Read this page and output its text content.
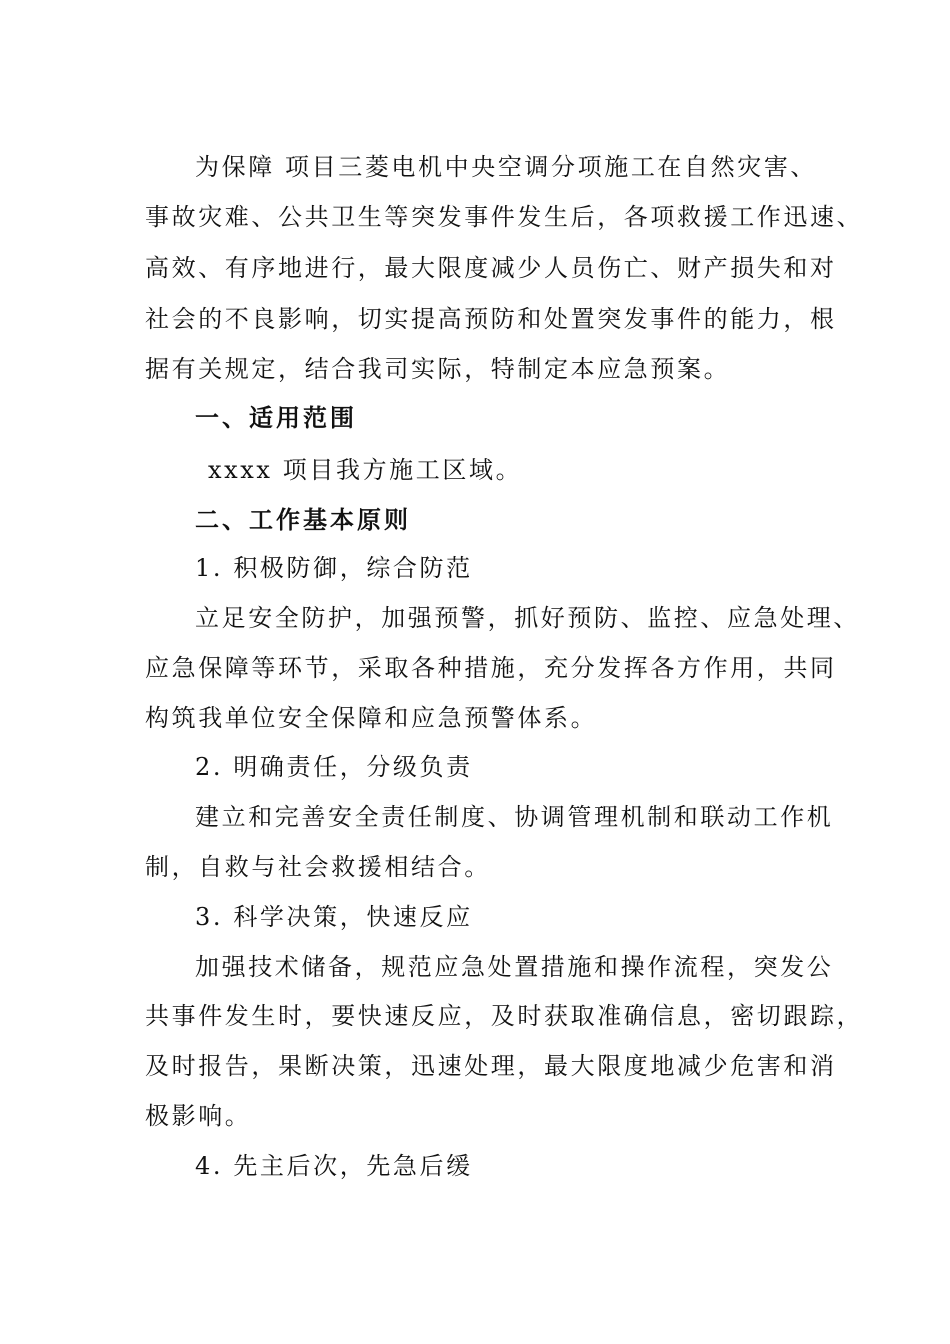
为保障 项目三菱电机中央空调分项施工在自然灾害、
事故灾难、公共卫生等突发事件发生后，各项救援工作迅速、
高效、有序地进行，最大限度减少人员伤亡、财产损失和对
社会的不良影响，切实提高预防和处置突发事件的能力，根
据有关规定，结合我司实际，特制定本应急预案。
一、适用范围
xxxx 项目我方施工区域。
二、工作基本原则
1. 积极防御，综合防范
立足安全防护，加强预警，抓好预防、监控、应急处理、
应急保障等环节，采取各种措施，充分发挥各方作用，共同
构筑我单位安全保障和应急预警体系。
2. 明确责任，分级负责
建立和完善安全责任制度、协调管理机制和联动工作机
制，自救与社会救援相结合。
3. 科学决策，快速反应
加强技术储备，规范应急处置措施和操作流程，突发公
共事件发生时，要快速反应，及时获取准确信息，密切跟踪，
及时报告，果断决策，迅速处理，最大限度地减少危害和消
极影响。
4. 先主后次，先急后缓
